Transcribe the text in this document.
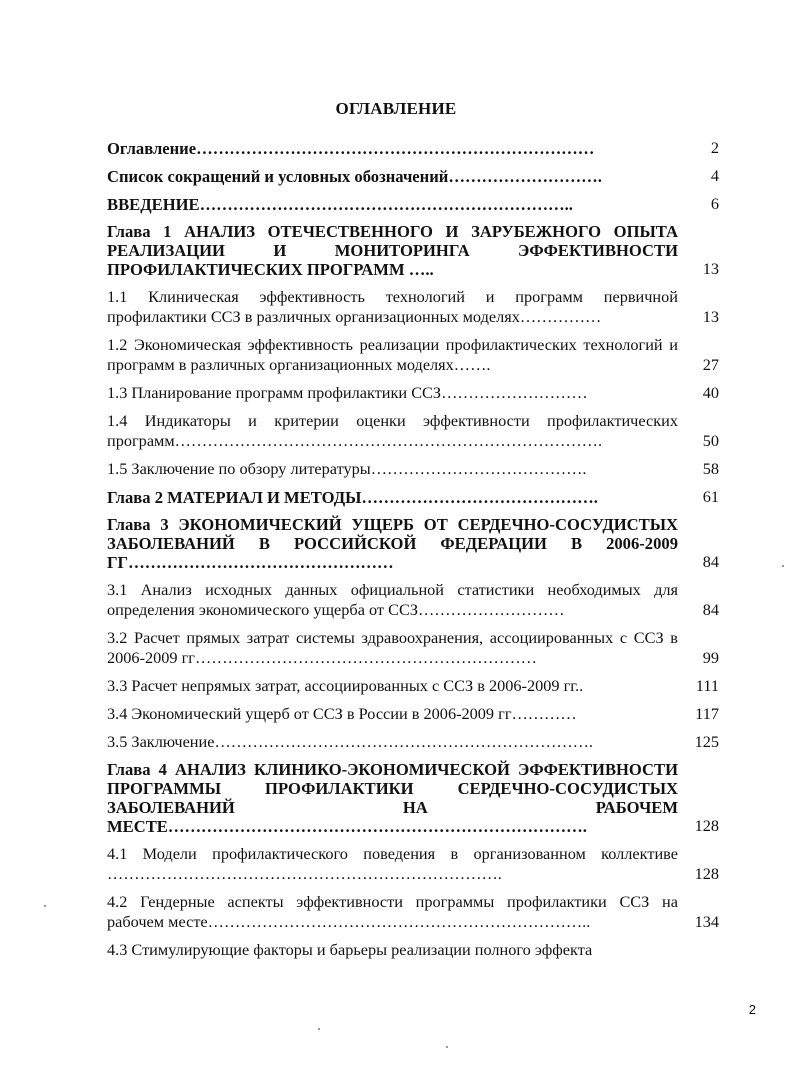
ОГЛАВЛЕНИЕ
Оглавление………………………………………………………………	2
Список сокращений и условных обозначений……………………….	4
ВВЕДЕНИЕ…………………………………………………………..	6
Глава 1 АНАЛИЗ ОТЕЧЕСТВЕННОГО И ЗАРУБЕЖНОГО ОПЫТА РЕАЛИЗАЦИИ И МОНИТОРИНГА ЭФФЕКТИВНОСТИ ПРОФИЛАКТИЧЕСКИХ ПРОГРАММ …..	13
1.1 Клиническая эффективность технологий и программ первичной профилактики ССЗ в различных организационных моделях……………	13
1.2 Экономическая эффективность реализации профилактических технологий и программ в различных организационных моделях…….	27
1.3 Планирование программ профилактики ССЗ………………………	40
1.4 Индикаторы и критерии оценки эффективности профилактических программ…………………………………………………………………….	50
1.5 Заключение по обзору литературы………………………………….	58
Глава 2 МАТЕРИАЛ И МЕТОДЫ…………………………………….	61
Глава 3 ЭКОНОМИЧЕСКИЙ УЩЕРБ ОТ СЕРДЕЧНО-СОСУДИСТЫХ ЗАБОЛЕВАНИЙ В РОССИЙСКОЙ ФЕДЕРАЦИИ В 2006-2009 ГГ…………………………………………	84
3.1 Анализ исходных данных официальной статистики необходимых для определения экономического ущерба от ССЗ………………………	84
3.2 Расчет прямых затрат системы здравоохранения, ассоциированных с ССЗ в 2006-2009 гг………………………………………………………	99
3.3 Расчет непрямых затрат, ассоциированных с ССЗ в 2006-2009 гг..	111
3.4 Экономический ущерб от ССЗ в России в 2006-2009 гг…………	117
3.5 Заключение…………………………………………………………….	125
Глава 4 АНАЛИЗ КЛИНИКО-ЭКОНОМИЧЕСКОЙ ЭФФЕКТИВНОСТИ ПРОГРАММЫ ПРОФИЛАКТИКИ СЕРДЕЧНО-СОСУДИСТЫХ ЗАБОЛЕВАНИЙ НА РАБОЧЕМ МЕСТЕ………………………………………………………………….	128
4.1 Модели профилактического поведения в организованном коллективе ……………………………………………………………….	128
4.2 Гендерные аспекты эффективности программы профилактики ССЗ на рабочем месте……………………………………………………………..	134
4.3 Стимулирующие факторы и барьеры реализации полного эффекта
2
